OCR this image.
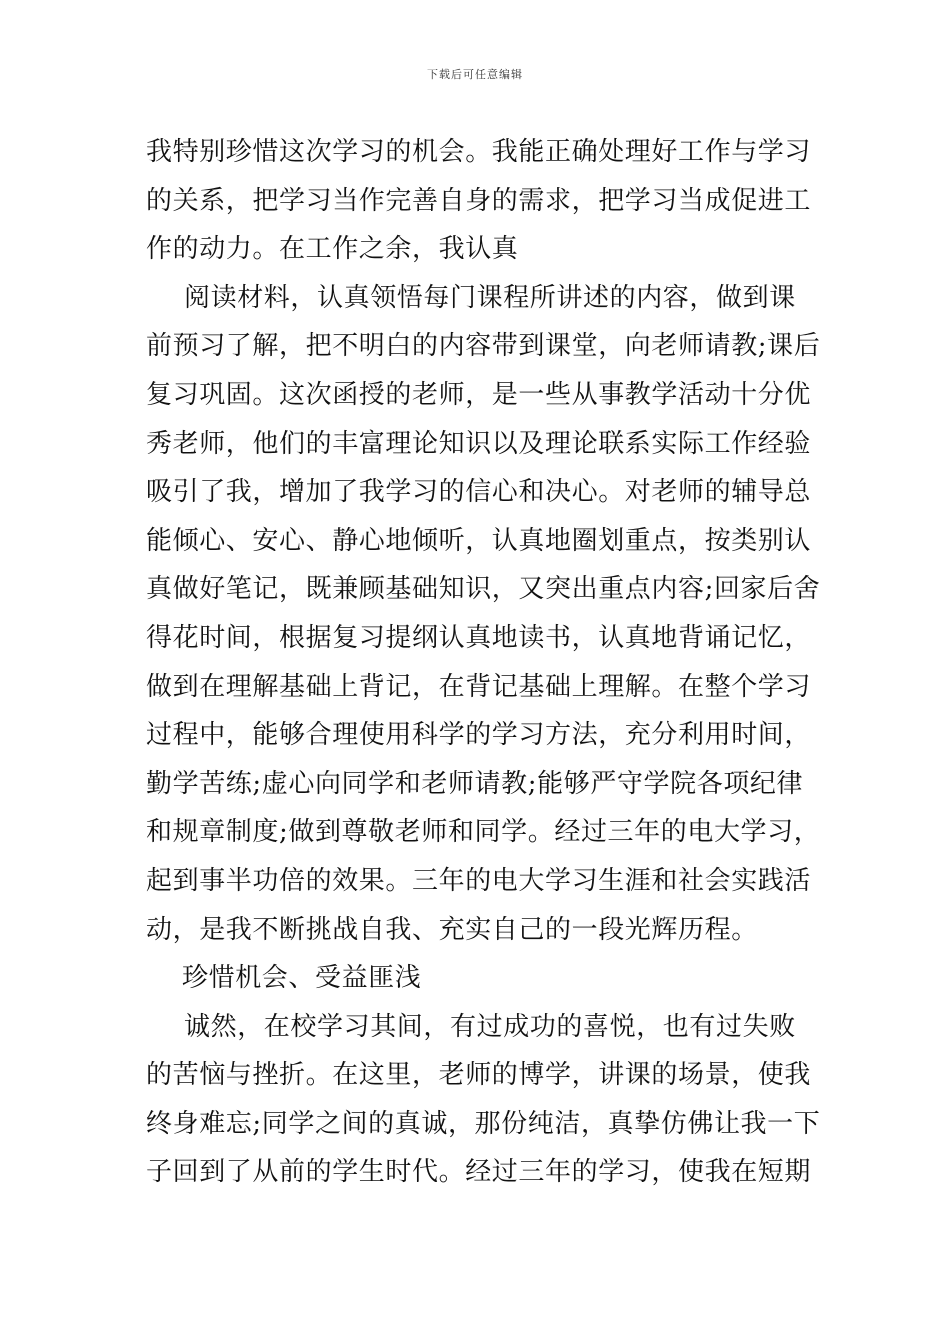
下载后可任意编辑
我特别珍惜这次学习的机会。我能正确处理好工作与学习
的关系，把学习当作完善自身的需求，把学习当成促进工
作的动力。在工作之余，我认真
阅读材料，认真领悟每门课程所讲述的内容，做到课
前预习了解，把不明白的内容带到课堂，向老师请教;课后
复习巩固。这次函授的老师，是一些从事教学活动十分优
秀老师，他们的丰富理论知识以及理论联系实际工作经验
吸引了我，增加了我学习的信心和决心。对老师的辅导总
能倾心、安心、静心地倾听，认真地圈划重点，按类别认
真做好笔记，既兼顾基础知识，又突出重点内容;回家后舍
得花时间，根据复习提纲认真地读书，认真地背诵记忆，
做到在理解基础上背记，在背记基础上理解。在整个学习
过程中，能够合理使用科学的学习方法，充分利用时间，
勤学苦练;虚心向同学和老师请教;能够严守学院各项纪律
和规章制度;做到尊敬老师和同学。经过三年的电大学习，
起到事半功倍的效果。三年的电大学习生涯和社会实践活
动，是我不断挑战自我、充实自己的一段光辉历程。
珍惜机会、受益匪浅
诚然，在校学习其间，有过成功的喜悦，也有过失败
的苦恼与挫折。在这里，老师的博学，讲课的场景，使我
终身难忘;同学之间的真诚，那份纯洁，真挚仿佛让我一下
子回到了从前的学生时代。经过三年的学习，使我在短期
